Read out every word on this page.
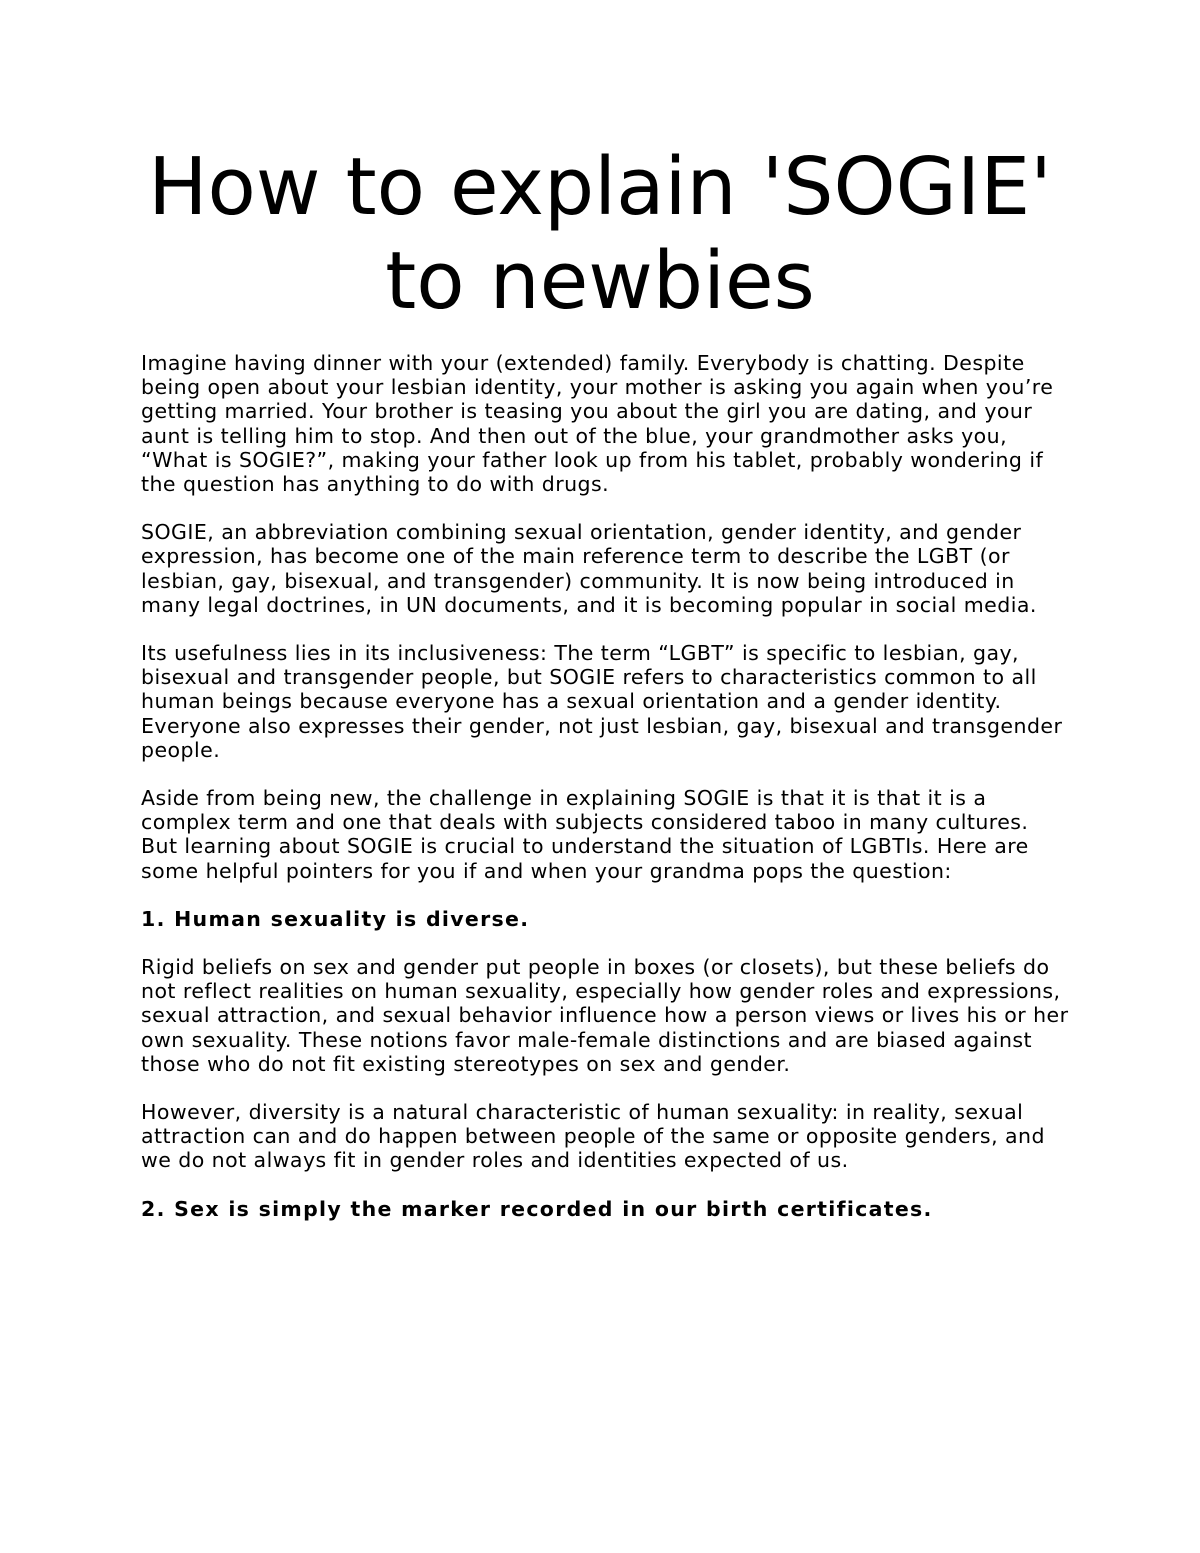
How to explain 'SOGIE' to newbies

Imagine having dinner with your (extended) family. Everybody is chatting. Despite being open about your lesbian identity, your mother is asking you again when you’re getting married. Your brother is teasing you about the girl you are dating, and your aunt is telling him to stop. And then out of the blue, your grandmother asks you, “What is SOGIE?”, making your father look up from his tablet, probably wondering if the question has anything to do with drugs.

SOGIE, an abbreviation combining sexual orientation, gender identity, and gender expression, has become one of the main reference term to describe the LGBT (or lesbian, gay, bisexual, and transgender) community. It is now being introduced in many legal doctrines, in UN documents, and it is becoming popular in social media.

Its usefulness lies in its inclusiveness: The term “LGBT” is specific to lesbian, gay, bisexual and transgender people, but SOGIE refers to characteristics common to all human beings because everyone has a sexual orientation and a gender identity. Everyone also expresses their gender, not just lesbian, gay, bisexual and transgender people.

Aside from being new, the challenge in explaining SOGIE is that it is that it is a complex term and one that deals with subjects considered taboo in many cultures. But learning about SOGIE is crucial to understand the situation of LGBTIs. Here are some helpful pointers for you if and when your grandma pops the question:

1. Human sexuality is diverse.

Rigid beliefs on sex and gender put people in boxes (or closets), but these beliefs do not reflect realities on human sexuality, especially how gender roles and expressions, sexual attraction, and sexual behavior influence how a person views or lives his or her own sexuality. These notions favor male-female distinctions and are biased against those who do not fit existing stereotypes on sex and gender.

However, diversity is a natural characteristic of human sexuality: in reality, sexual attraction can and do happen between people of the same or opposite genders, and we do not always fit in gender roles and identities expected of us.

2. Sex is simply the marker recorded in our birth certificates.
